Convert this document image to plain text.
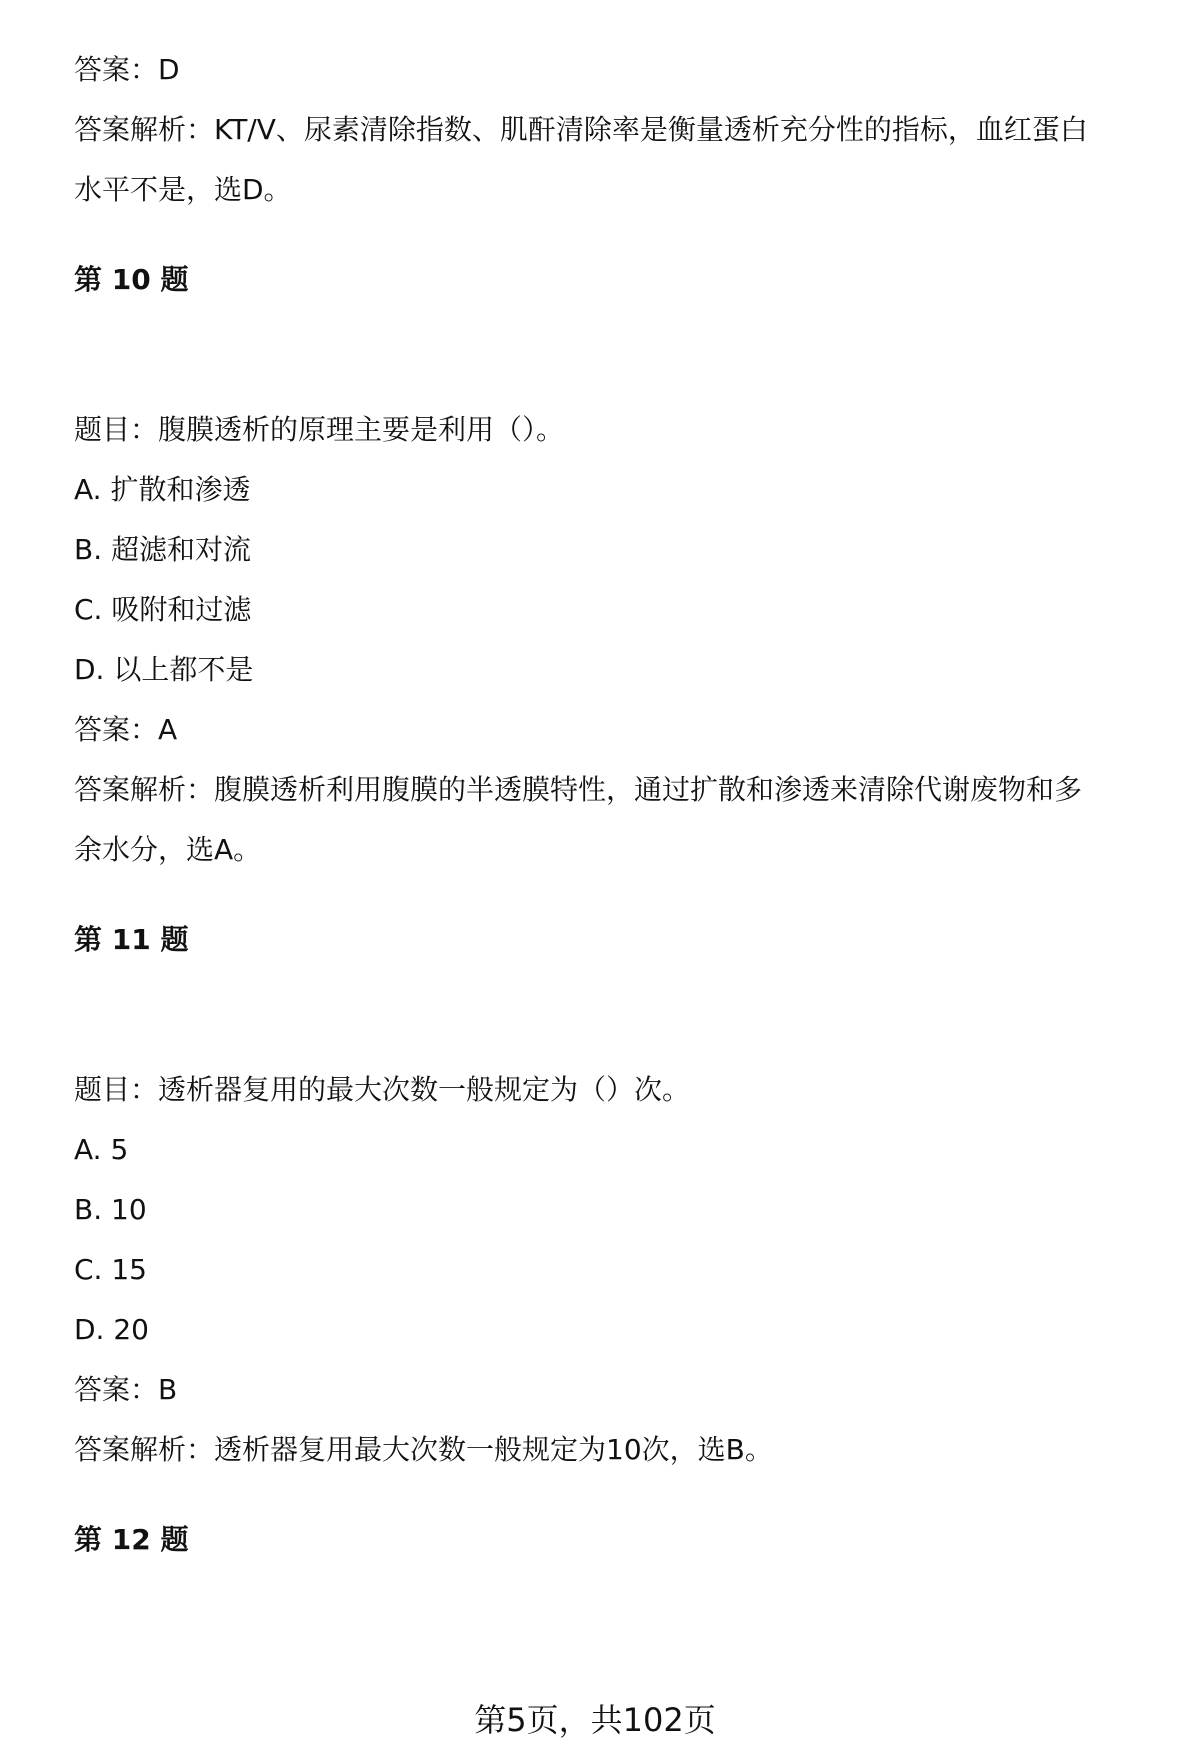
答案：D
答案解析：KT/V、尿素清除指数、肌酐清除率是衡量透析充分性的指标，血红蛋白
水平不是，选D。
第 10 题
题目：腹膜透析的原理主要是利用（）。
A. 扩散和渗透
B. 超滤和对流
C. 吸附和过滤
D. 以上都不是
答案：A
答案解析：腹膜透析利用腹膜的半透膜特性，通过扩散和渗透来清除代谢废物和多
余水分，选A。
第 11 题
题目：透析器复用的最大次数一般规定为（）次。
A. 5
B. 10
C. 15
D. 20
答案：B
答案解析：透析器复用最大次数一般规定为10次，选B。
第 12 题
第5页，共102页
